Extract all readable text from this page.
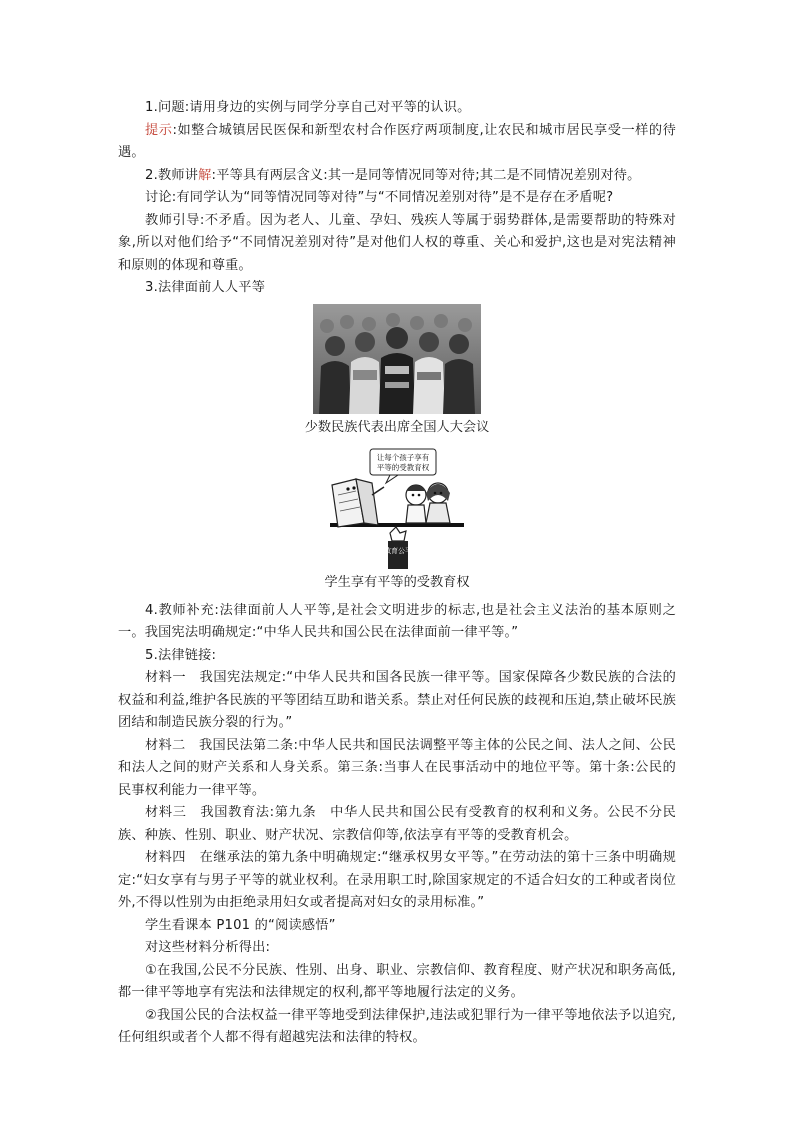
1.问题:请用身边的实例与同学分享自己对平等的认识。

提示:如整合城镇居民医保和新型农村合作医疗两项制度,让农民和城市居民享受一样的待遇。

2.教师讲解:平等具有两层含义:其一是同等情况同等对待;其二是不同情况差别对待。

讨论:有同学认为“同等情况同等对待”与“不同情况差别对待”是不是存在矛盾呢?

教师引导:不矛盾。因为老人、儿童、孕妇、残疾人等属于弱势群体,是需要帮助的特殊对象,所以对他们给予“不同情况差别对待”是对他们人权的尊重、关心和爱护,这也是对宪法精神和原则的体现和尊重。

3.法律面前人人平等

少数民族代表出席全国人大会议
让每个孩子享有
平等的受教育权
教育公平
学生享有平等的受教育权

4.教师补充:法律面前人人平等,是社会文明进步的标志,也是社会主义法治的基本原则之一。我国宪法明确规定:“中华人民共和国公民在法律面前一律平等。”

5.法律链接:

材料一　我国宪法规定:“中华人民共和国各民族一律平等。国家保障各少数民族的合法的权益和利益,维护各民族的平等团结互助和谐关系。禁止对任何民族的歧视和压迫,禁止破坏民族团结和制造民族分裂的行为。”

材料二　我国民法第二条:中华人民共和国民法调整平等主体的公民之间、法人之间、公民和法人之间的财产关系和人身关系。第三条:当事人在民事活动中的地位平等。第十条:公民的民事权利能力一律平等。

材料三　我国教育法:第九条　中华人民共和国公民有受教育的权利和义务。公民不分民族、种族、性别、职业、财产状况、宗教信仰等,依法享有平等的受教育机会。

材料四　在继承法的第九条中明确规定:“继承权男女平等。”在劳动法的第十三条中明确规定:“妇女享有与男子平等的就业权利。在录用职工时,除国家规定的不适合妇女的工种或者岗位外,不得以性别为由拒绝录用妇女或者提高对妇女的录用标准。”

学生看课本 P101 的“阅读感悟”

对这些材料分析得出:

①在我国,公民不分民族、性别、出身、职业、宗教信仰、教育程度、财产状况和职务高低,都一律平等地享有宪法和法律规定的权利,都平等地履行法定的义务。

②我国公民的合法权益一律平等地受到法律保护,违法或犯罪行为一律平等地依法予以追究,任何组织或者个人都不得有超越宪法和法律的特权。
